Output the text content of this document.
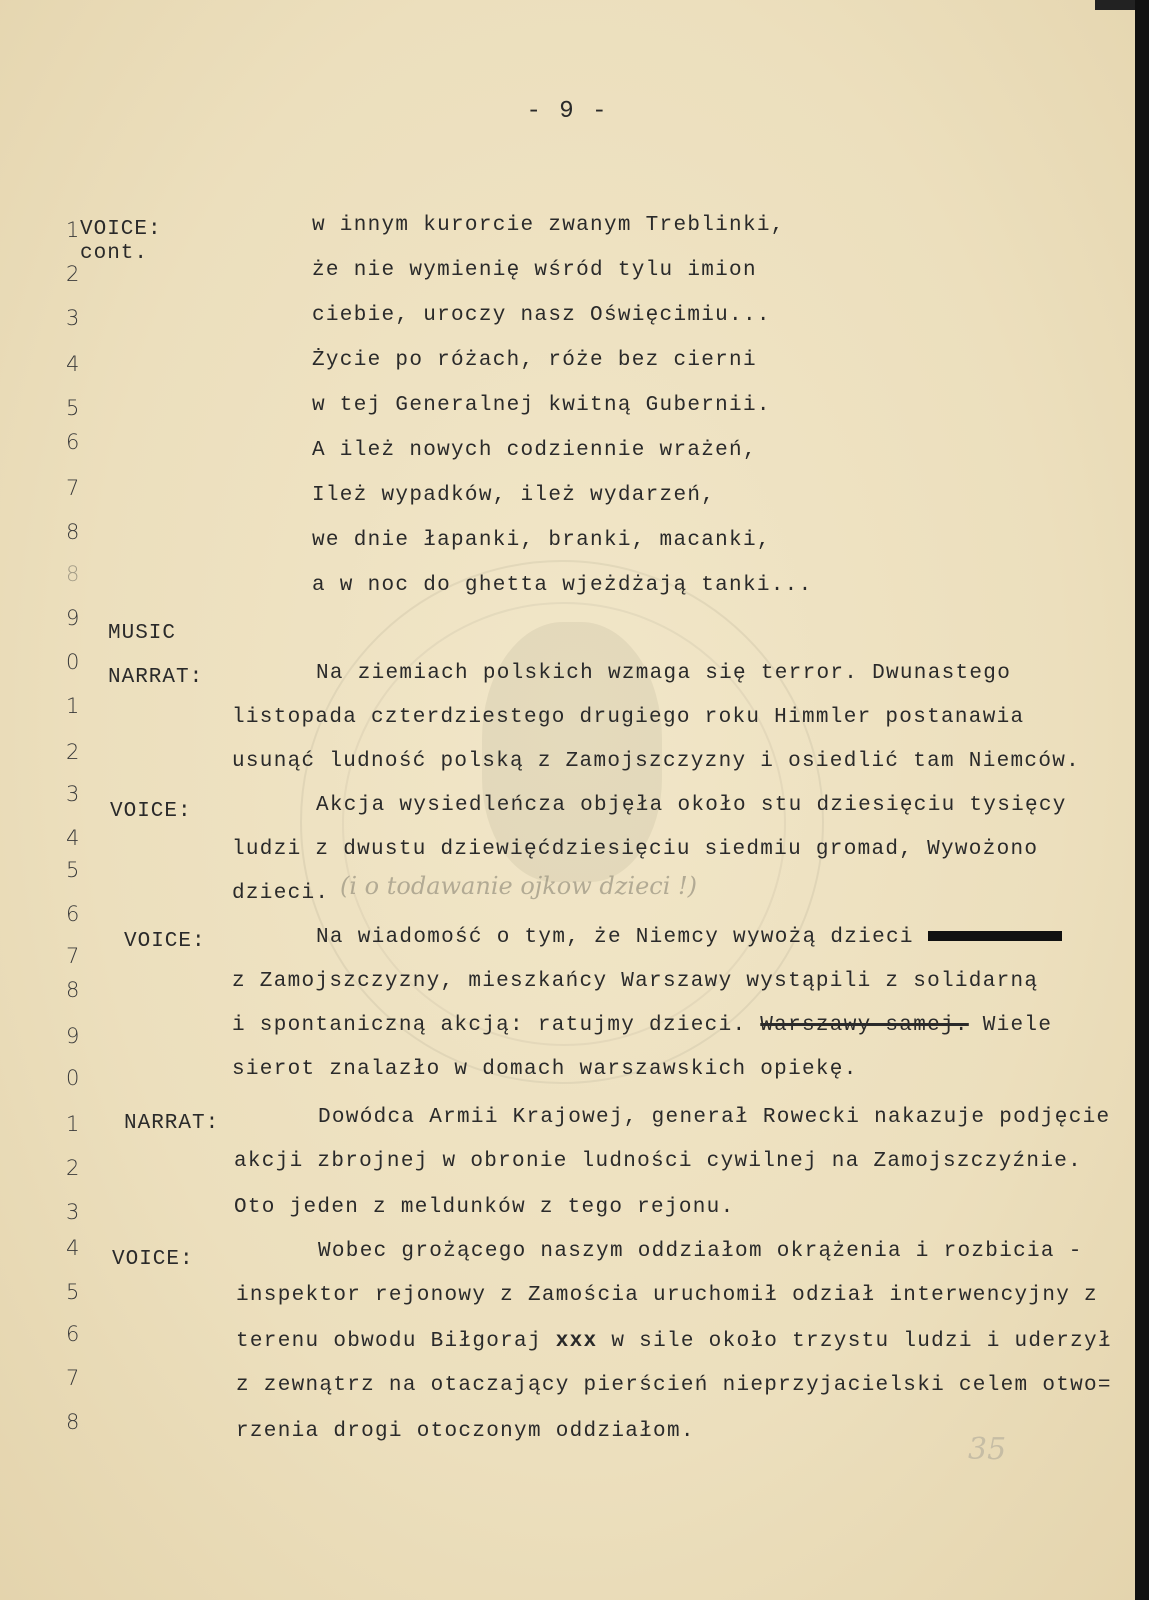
- 9 -
1
2
3
4
5
6
7
8
8
9
0
1
2
3
4
5
6
7
8
9
0
1
2
3
4
5
6
7
8
VOICE:
cont.
MUSIC
NARRAT:
VOICE:
VOICE:
NARRAT:
VOICE:
w innym kurorcie zwanym Treblinki,
że nie wymienię wśród tylu imion
ciebie, uroczy nasz Oświęcimiu...
Życie po różach, róże bez cierni
w tej Generalnej kwitną Gubernii.
A ileż nowych codziennie wrażeń,
Ileż wypadków, ileż wydarzeń,
we dnie łapanki, branki, macanki,
a w noc do ghetta wjeżdżają tanki...
Na ziemiach polskich wzmaga się terror. Dwunastego
listopada czterdziestego drugiego roku Himmler postanawia
usunąć ludność polską z Zamojszczyzny i osiedlić tam Niemców.
Akcja wysiedleńcza objęła około stu dziesięciu tysięcy
ludzi z dwustu dziewięćdziesięciu siedmiu gromad, Wywożono
dzieci. (i o todawanie ojkow dzieci !)
Na wiadomość o tym, że Niemcy wywożą dzieci
z Zamojszczyzny, mieszkańcy Warszawy wystąpili z solidarną
i spontaniczną akcją: ratujmy dzieci. Warszawy samej. Wiele
sierot znalazło w domach warszawskich opiekę.
Dowódca Armii Krajowej, generał Rowecki nakazuje podjęcie
akcji zbrojnej w obronie ludności cywilnej na Zamojszczyźnie.
Oto jeden z meldunków z tego rejonu.
Wobec grożącego naszym oddziałom okrążenia i rozbicia -
inspektor rejonowy z Zamościa uruchomił odział interwencyjny z
terenu obwodu Biłgoraj xxx w sile około trzystu ludzi i uderzył
z zewnątrz na otaczający pierścień nieprzyjacielski celem otwo=
rzenia drogi otoczonym oddziałom.
35
